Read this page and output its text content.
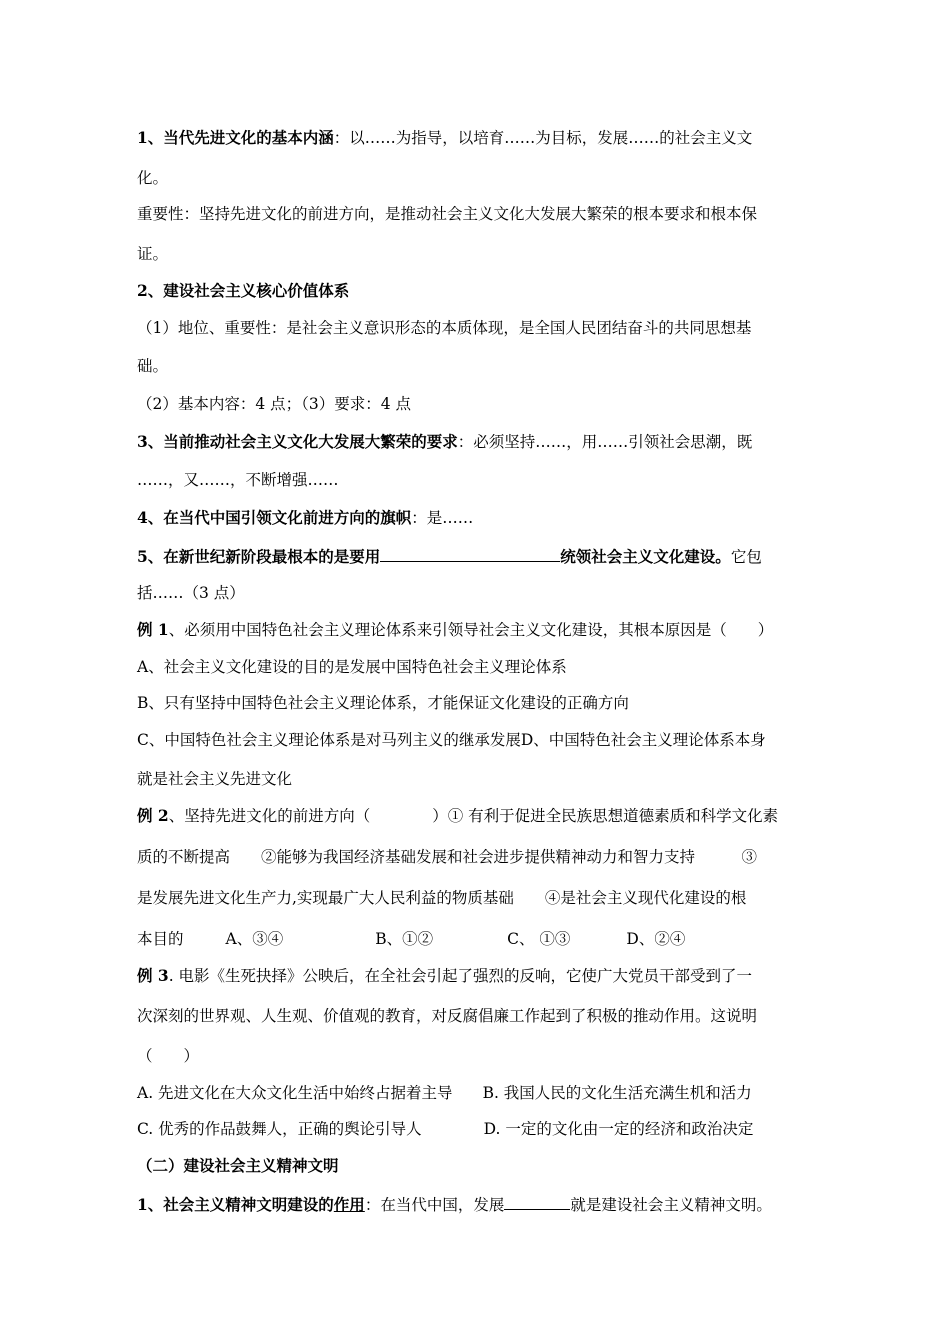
1、当代先进文化的基本内涵：以……为指导，以培育……为目标，发展……的社会主义文
化。
重要性：坚持先进文化的前进方向，是推动社会主义文化大发展大繁荣的根本要求和根本保
证。
2、建设社会主义核心价值体系
（1）地位、重要性：是社会主义意识形态的本质体现，是全国人民团结奋斗的共同思想基
础。
（2）基本内容：4 点；（3）要求：4 点
3、当前推动社会主义文化大发展大繁荣的要求：必须坚持……，用……引领社会思潮，既
……，又……，不断增强……
4、在当代中国引领文化前进方向的旗帜：是……
5、在新世纪新阶段最根本的是要用	统领社会主义文化建设。它包
括……（3 点）
例 1、必须用中国特色社会主义理论体系来引领导社会主义文化建设，其根本原因是（　　）
A、社会主义文化建设的目的是发展中国特色社会主义理论体系
B、只有坚持中国特色社会主义理论体系，才能保证文化建设的正确方向
C、中国特色社会主义理论体系是对马列主义的继承发展D、中国特色社会主义理论体系本身
就是社会主义先进文化
例 2、坚持先进文化的前进方向（　　　　）① 有利于促进全民族思想道德素质和科学文化素
质的不断提高　　②能够为我国经济基础发展和社会进步提供精神动力和智力支持　　　③
是发展先进文化生产力,实现最广大人民利益的物质基础　　④是社会主义现代化建设的根
本目的	A、③④	B、①②	C、 ①③	D、②④
例 3. 电影《生死抉择》公映后，在全社会引起了强烈的反响，它使广大党员干部受到了一
次深刻的世界观、人生观、价值观的教育，对反腐倡廉工作起到了积极的推动作用。这说明
（　　）
A. 先进文化在大众文化生活中始终占据着主导 B. 我国人民的文化生活充满生机和活力
C. 优秀的作品鼓舞人，正确的舆论引导人	D. 一定的文化由一定的经济和政治决定
（二）建设社会主义精神文明
1、社会主义精神文明建设的作用：在当代中国，发展	就是建设社会主义精神文明。
